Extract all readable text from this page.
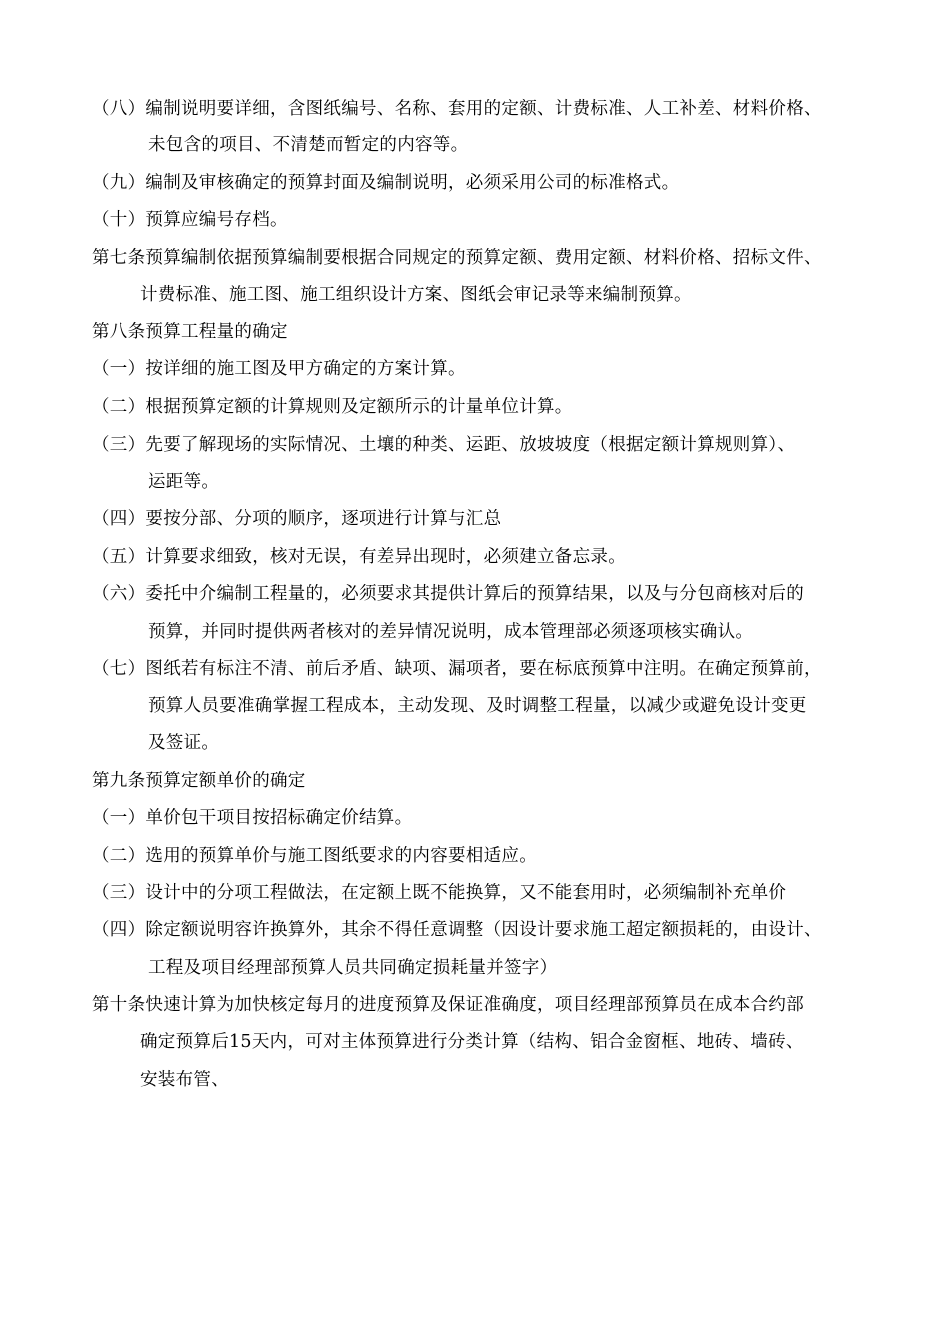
（八）编制说明要详细，含图纸编号、名称、套用的定额、计费标准、人工补差、材料价格、
未包含的项目、不清楚而暂定的内容等。
（九）编制及审核确定的预算封面及编制说明，必须采用公司的标准格式。
（十）预算应编号存档。
第七条预算编制依据预算编制要根据合同规定的预算定额、费用定额、材料价格、招标文件、
计费标准、施工图、施工组织设计方案、图纸会审记录等来编制预算。
第八条预算工程量的确定
（一）按详细的施工图及甲方确定的方案计算。
（二）根据预算定额的计算规则及定额所示的计量单位计算。
（三）先要了解现场的实际情况、土壤的种类、运距、放坡坡度（根据定额计算规则算）、
运距等。
（四）要按分部、分项的顺序，逐项进行计算与汇总
（五）计算要求细致，核对无误，有差异出现时，必须建立备忘录。
（六）委托中介编制工程量的，必须要求其提供计算后的预算结果，以及与分包商核对后的
预算，并同时提供两者核对的差异情况说明，成本管理部必须逐项核实确认。
（七）图纸若有标注不清、前后矛盾、缺项、漏项者，要在标底预算中注明。在确定预算前，
预算人员要准确掌握工程成本，主动发现、及时调整工程量，以减少或避免设计变更
及签证。
第九条预算定额单价的确定
（一）单价包干项目按招标确定价结算。
（二）选用的预算单价与施工图纸要求的内容要相适应。
（三）设计中的分项工程做法，在定额上既不能换算，又不能套用时，必须编制补充单价
（四）除定额说明容许换算外，其余不得任意调整（因设计要求施工超定额损耗的，由设计、
工程及项目经理部预算人员共同确定损耗量并签字）
第十条快速计算为加快核定每月的进度预算及保证准确度，项目经理部预算员在成本合约部
确定预算后15天内，可对主体预算进行分类计算（结构、铝合金窗框、地砖、墙砖、
安装布管、
